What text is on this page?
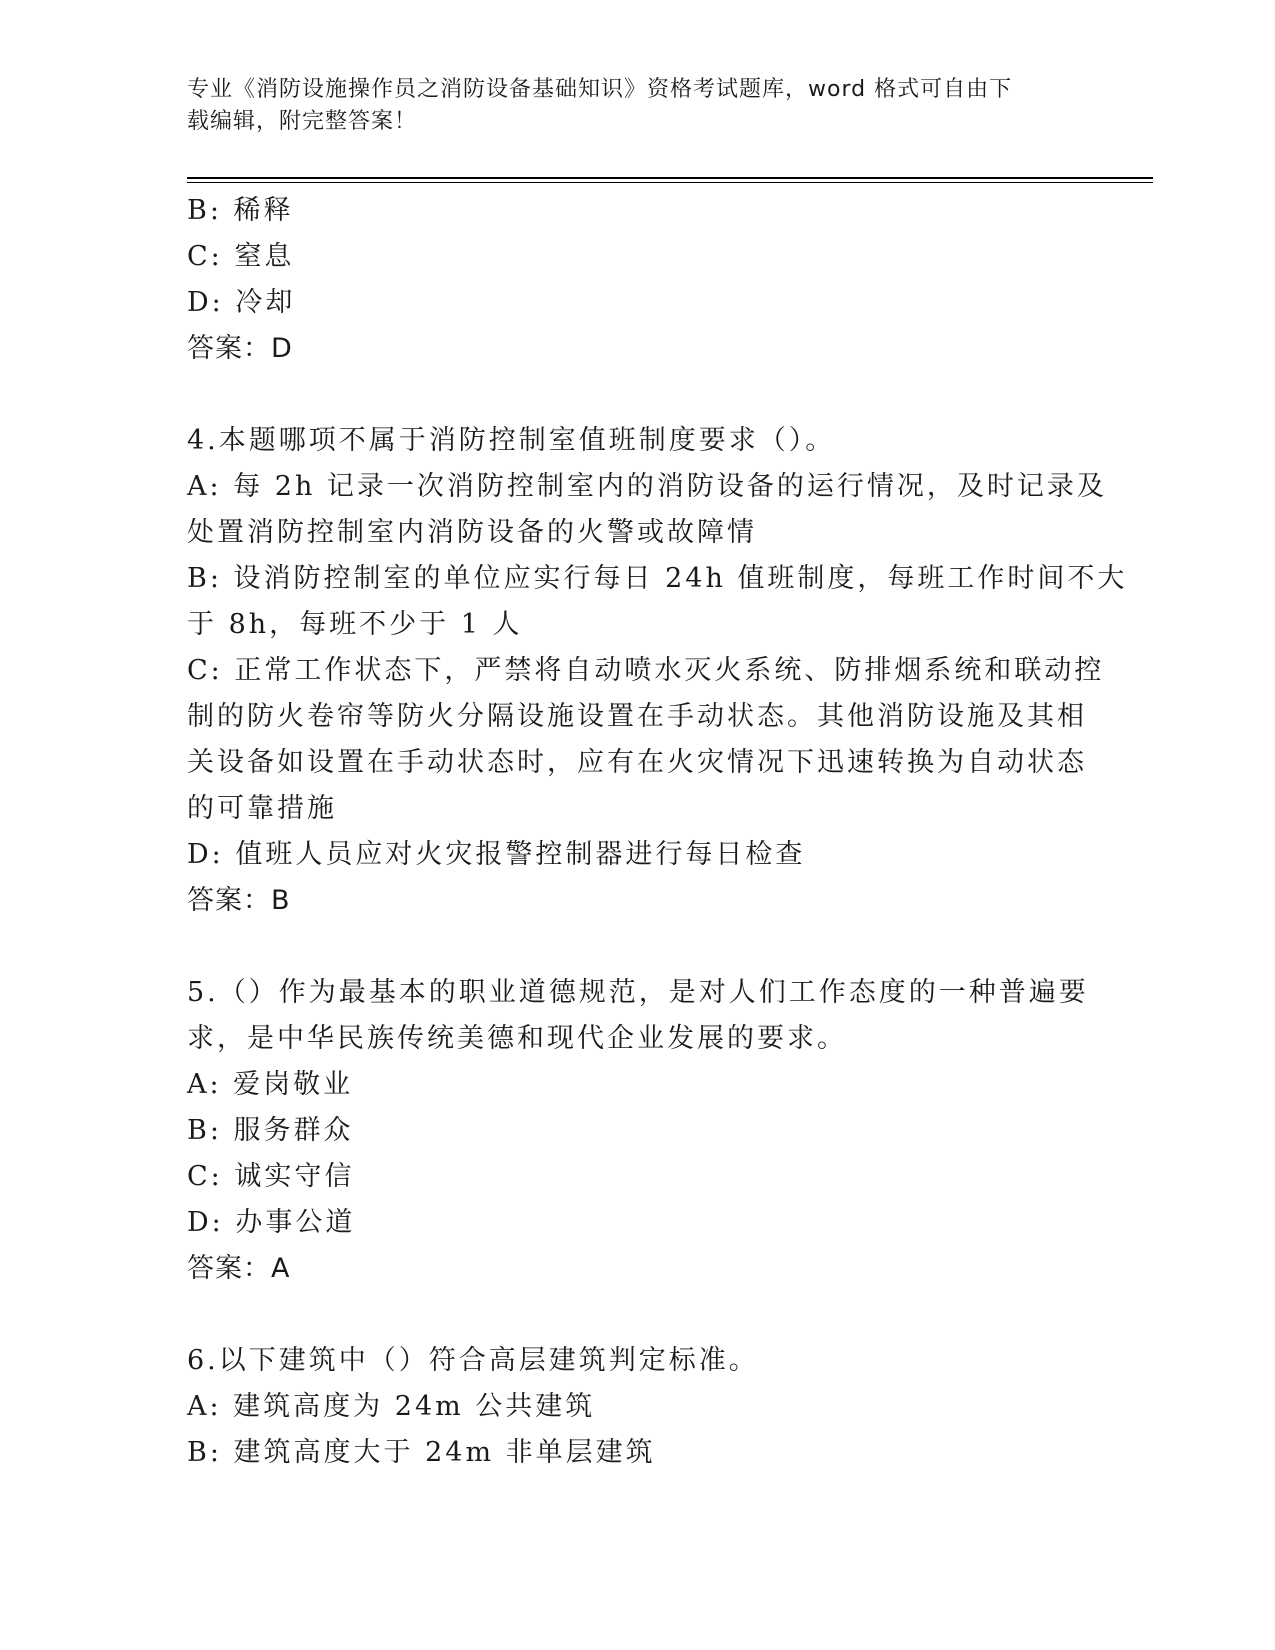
专业《消防设施操作员之消防设备基础知识》资格考试题库，word 格式可自由下
载编辑，附完整答案！
B: 稀释
C: 窒息
D: 冷却
答案：D
4.本题哪项不属于消防控制室值班制度要求（）。
A: 每 2h 记录一次消防控制室内的消防设备的运行情况，及时记录及
处置消防控制室内消防设备的火警或故障情
B: 设消防控制室的单位应实行每日 24h 值班制度，每班工作时间不大
于 8h，每班不少于 1 人
C: 正常工作状态下，严禁将自动喷水灭火系统、防排烟系统和联动控
制的防火卷帘等防火分隔设施设置在手动状态。其他消防设施及其相
关设备如设置在手动状态时，应有在火灾情况下迅速转换为自动状态
的可靠措施
D: 值班人员应对火灾报警控制器进行每日检查
答案：B
5.（）作为最基本的职业道德规范，是对人们工作态度的一种普遍要
求，是中华民族传统美德和现代企业发展的要求。
A: 爱岗敬业
B: 服务群众
C: 诚实守信
D: 办事公道
答案：A
6.以下建筑中（）符合高层建筑判定标准。
A: 建筑高度为 24m 公共建筑
B: 建筑高度大于 24m 非单层建筑
